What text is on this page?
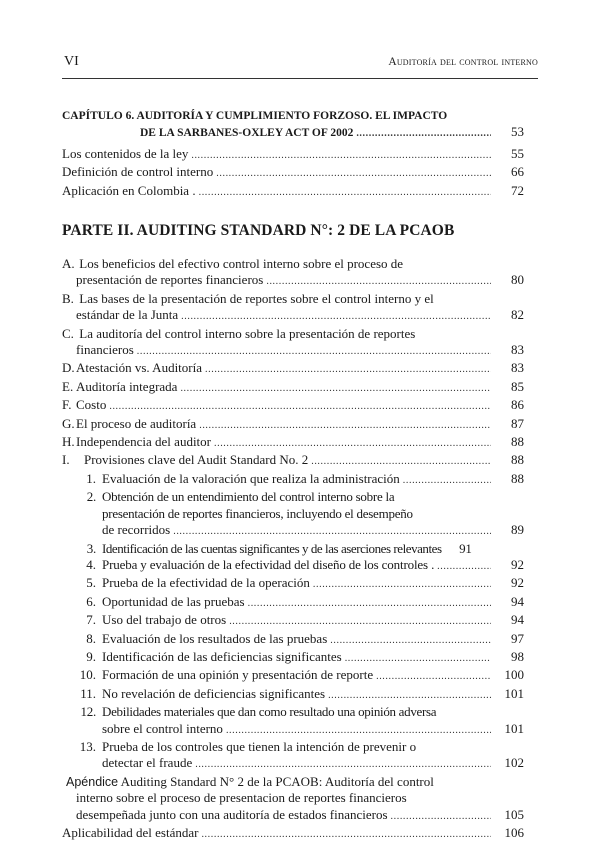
VI	Auditoría del control interno
CAPÍTULO 6. AUDITORÍA Y CUMPLIMIENTO FORZOSO. EL IMPACTO
DE LA SARBANES-OXLEY ACT OF 2002 .....	53
Los contenidos de la ley .....	55
Definición de control interno .....	66
Aplicación en Colombia . .....	72
PARTE II. AUDITING STANDARD N°: 2 DE LA PCAOB
A. Los beneficios del efectivo control interno sobre el proceso de
presentación de reportes financieros .....	80
B. Las bases de la presentación de reportes sobre el control interno y el
estándar de la Junta .....	82
C. La auditoría del control interno sobre la presentación de reportes
financieros .....	83
D. Atestación vs. Auditoría .....	83
E. Auditoría integrada .....	85
F. Costo .....	86
G. El proceso de auditoría .....	87
H. Independencia del auditor .....	88
I.	Provisiones clave del Audit Standard No. 2 .....	88
1. Evaluación de la valoración que realiza la administración .....	88
2. Obtención de un entendimiento del control interno sobre la
presentación de reportes financieros, incluyendo el desempeño
de recorridos .....	89
3. Identificación de las cuentas significantes y de las aserciones relevantes	91
4. Prueba y evaluación de la efectividad del diseño de los controles . .....	92
5. Prueba de la efectividad de la operación .....	92
6. Oportunidad de las pruebas .....	94
7. Uso del trabajo de otros .....	94
8. Evaluación de los resultados de las pruebas .....	97
9. Identificación de las deficiencias significantes .....	98
10. Formación de una opinión y presentación de reporte .....	100
11. No revelación de deficiencias significantes .....	101
12. Debilidades materiales que dan como resultado una opinión adversa
sobre el control interno .....	101
13. Prueba de los controles que tienen la intención de prevenir o
detectar el fraude .....	102
Apéndice Auditing Standard N° 2 de la PCAOB: Auditoría del control
interno sobre el proceso de presentacion de reportes financieros
desempeñada junto con una auditoría de estados financieros .....	105
Aplicabilidad del estándar .....	106
